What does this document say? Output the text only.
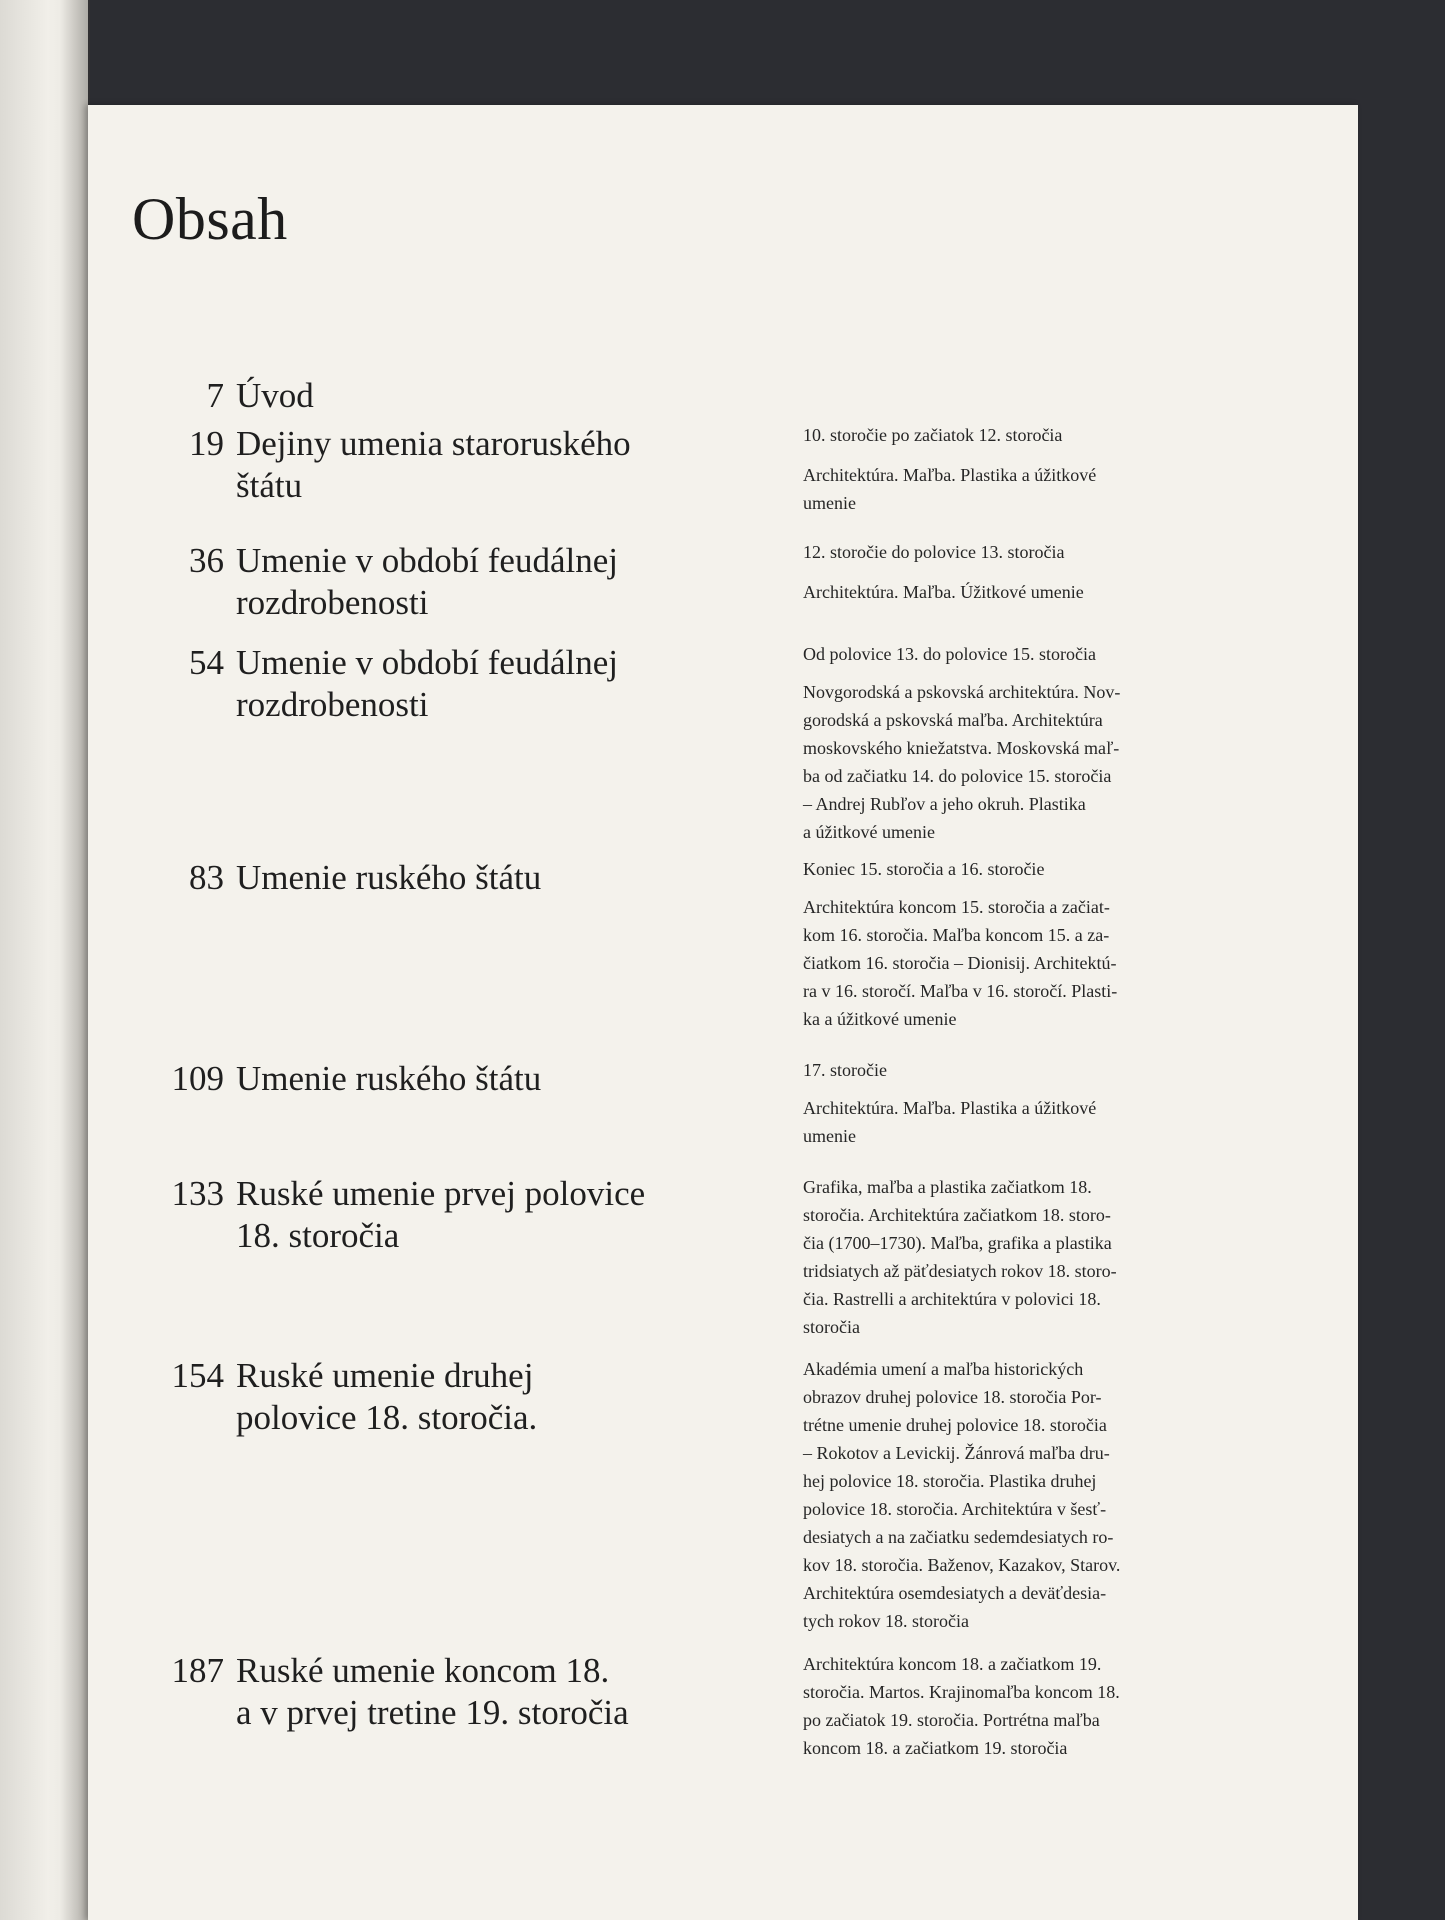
Obsah
7 Úvod
19 Dejiny umenia staroruského
štátu
10. storočie po začiatok 12. storočia
Architektúra. Maľba. Plastika a úžitkové
umenie
36 Umenie v období feudálnej
rozdrobenosti
12. storočie do polovice 13. storočia
Architektúra. Maľba. Úžitkové umenie
54 Umenie v období feudálnej
rozdrobenosti
Od polovice 13. do polovice 15. storočia
Novgorodská a pskovská architektúra. Nov-
gorodská a pskovská maľba. Architektúra
moskovského kniežatstva. Moskovská maľ-
ba od začiatku 14. do polovice 15. storočia
– Andrej Rubľov a jeho okruh. Plastika
a úžitkové umenie
83 Umenie ruského štátu	Koniec 15. storočia a 16. storočie
Architektúra koncom 15. storočia a začiat-
kom 16. storočia. Maľba koncom 15. a za-
čiatkom 16. storočia – Dionisij. Architektú-
ra v 16. storočí. Maľba v 16. storočí. Plasti-
ka a úžitkové umenie
109 Umenie ruského štátu	17. storočie
Architektúra. Maľba. Plastika a úžitkové
umenie
133 Ruské umenie prvej polovice
18. storočia
Grafika, maľba a plastika začiatkom 18.
storočia. Architektúra začiatkom 18. storo-
čia (1700–1730). Maľba, grafika a plastika
tridsiatych až päťdesiatych rokov 18. storo-
čia. Rastrelli a architektúra v polovici 18.
storočia
154 Ruské umenie druhej
polovice 18. storočia.
Akadémia umení a maľba historických
obrazov druhej polovice 18. storočia Por-
trétne umenie druhej polovice 18. storočia
– Rokotov a Levickij. Žánrová maľba dru-
hej polovice 18. storočia. Plastika druhej
polovice 18. storočia. Architektúra v šesť-
desiatych a na začiatku sedemdesiatych ro-
kov 18. storočia. Baženov, Kazakov, Starov.
Architektúra osemdesiatych a deväťdesia-
tych rokov 18. storočia
187 Ruské umenie koncom 18.
a v prvej tretine 19. storočia
Architektúra koncom 18. a začiatkom 19.
storočia. Martos. Krajinomaľba koncom 18.
po začiatok 19. storočia. Portrétna maľba
koncom 18. a začiatkom 19. storočia
